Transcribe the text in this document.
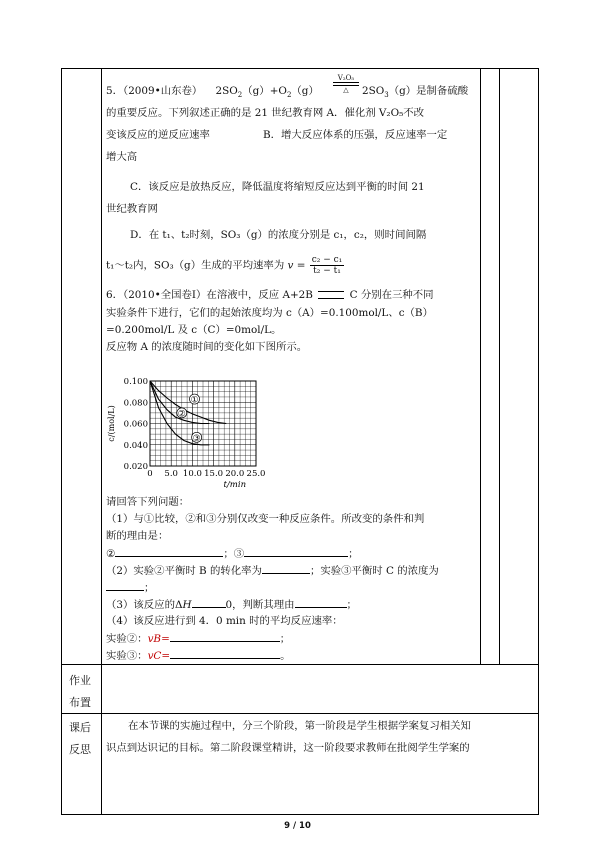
5．（2009•山东卷） $2SO_2(g)+O_2(g)$
V₂O₅
△	$2SO_3(g)$是制备硫酸
的重要反应。下列叙述正确的是 21 世纪教育网 A．催化剂 V₂O₅不改
变该反应的逆反应速率	B．增大反应体系的压强，反应速率一定
增大高
C．该反应是放热反应，降低温度将缩短反应达到平衡的时间 21
世纪教育网
D．在 t₁、t₂时刻，SO₃（g）的浓度分别是 c₁，c₂，则时间间隔
t₁～t₂内，SO₃（g）生成的平均速率为 $v = \frac{\text{c₂ − c₁}}{\text{t₂ − t₁}}$
6．（2010•全国卷Ⅰ）在溶液中，反应 A+2B	C 分别在三种不同
实验条件下进行，它们的起始浓度均为 c（A）=0.100mol/L、c（B）
=0.200mol/L 及 c（C）=0mol/L。
反应物 A 的浓度随时间的变化如下图所示。
0.020
0.040
0.060
0.080
0.100
0 5.0 10.0 15.0 20.0 25.0
t/min
c/(mol/L)
①
②
③
请回答下列问题：
（1）与①比较，②和③分别仅改变一种反应条件。所改变的条件和判
断的理由是：
②	；③	；
（2）实验②平衡时 B 的转化率为	；实验③平衡时 C 的浓度为
；
（3）该反应的ΔH	0，判断其理由	；
（4）该反应进行到 4．0 min 时的平均反应速率：
实验②：vB=	；
实验③：vC=	。
作业
布置
课后
反思
在本节课的实施过程中，分三个阶段，第一阶段是学生根据学案复习相关知
识点到达识记的目标。第二阶段课堂精讲，这一阶段要求教师在批阅学生学案的
9 / 10
